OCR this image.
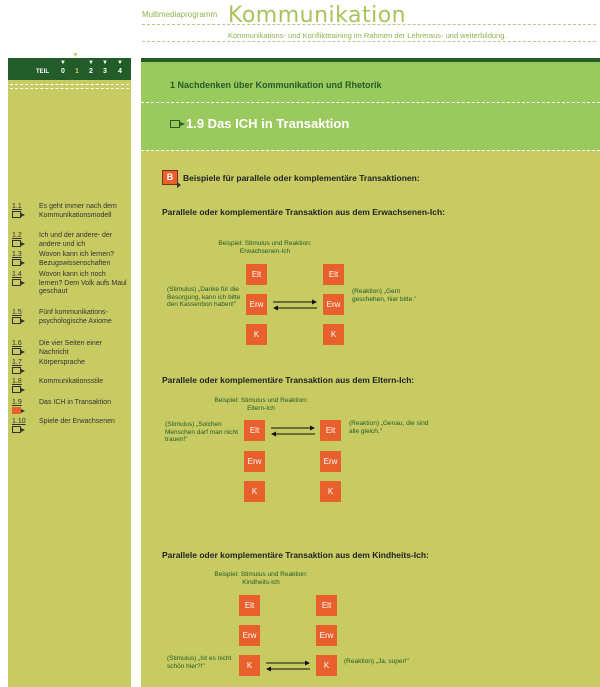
Multimediaprogramm Kommunikation
Kommunikations- und Konflikttraining im Rahmen der Lehreraus- und weiterbildung.
▼
TEIL
▼	▼	▼	▼
0	1	2	3	4
1.1 Es geht immer nach dem Kommunikationsmodell
1.2 Ich und der andere- der andere und ich
1.3 Wovon kann ich lernen? Bezugswissenschaften
1.4 Wovon kann ich noch lernen? Dem Volk aufs Maul geschaut
1.5 Fünf kommunikations-psychologische Axiome
1.6 Die vier Seiten einer Nachricht
1.7 Körpersprache
1.8 Kommunikationsstile
1.9 Das ICH in Transaktion
1.10 Spiele der Erwachsenen
1 Nachdenken über Kommunikation und Rhetorik
1.9 Das ICH in Transaktion
B	Beispiele für parallele oder komplementäre Transaktionen:
Parallele oder komplementäre Transaktion aus dem Erwachsenen-Ich:
Beispiel: Stimulus und Reaktion: Erwachsenen-Ich
Elt
Erw
K
Elt
Erw
K
(Stimulus) „Danke für die Besorgung, kann ich bitte den Kassenbon haben!"
(Reaktion) „Gern geschehen, hier bitte."
Parallele oder komplementäre Transaktion aus dem Eltern-Ich:
Beispiel: Stimulus und Reaktion: Eltern-Ich
Elt
Erw
K
Elt
Erw
K
(Stimulus) „Solchen Menschen darf man nicht trauen!"
(Reaktion) „Genau, die sind alle gleich."
Parallele oder komplementäre Transaktion aus dem Kindheits-Ich:
Beispiel: Stimulus und Reaktion: Kindheits-Ich
Elt
Erw
K
Elt
Erw
K
(Stimulus) „Ist es nicht schön hier?!"
(Reaktion) „Ja, super!"
